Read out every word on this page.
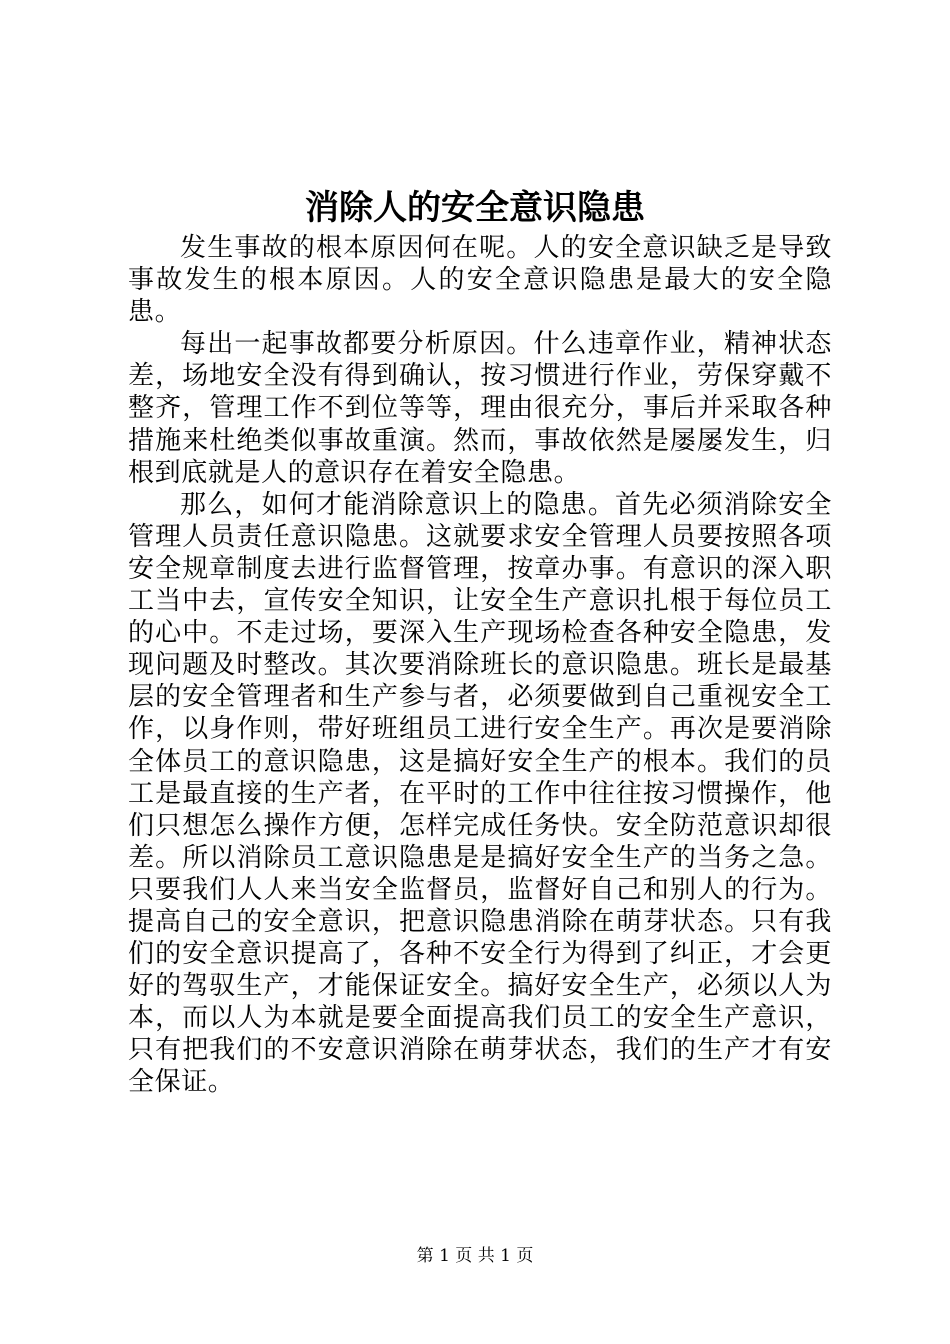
消除人的安全意识隐患

发生事故的根本原因何在呢。人的安全意识缺乏是导致事故发生的根本原因。人的安全意识隐患是最大的安全隐患。

每出一起事故都要分析原因。什么违章作业，精神状态差，场地安全没有得到确认，按习惯进行作业，劳保穿戴不整齐，管理工作不到位等等，理由很充分，事后并采取各种措施来杜绝类似事故重演。然而，事故依然是屡屡发生，归根到底就是人的意识存在着安全隐患。

那么，如何才能消除意识上的隐患。首先必须消除安全管理人员责任意识隐患。这就要求安全管理人员要按照各项安全规章制度去进行监督管理，按章办事。有意识的深入职工当中去，宣传安全知识，让安全生产意识扎根于每位员工的心中。不走过场，要深入生产现场检查各种安全隐患，发现问题及时整改。其次要消除班长的意识隐患。班长是最基层的安全管理者和生产参与者，必须要做到自己重视安全工作，以身作则，带好班组员工进行安全生产。再次是要消除全体员工的意识隐患，这是搞好安全生产的根本。我们的员工是最直接的生产者，在平时的工作中往往按习惯操作，他们只想怎么操作方便，怎样完成任务快。安全防范意识却很差。所以消除员工意识隐患是是搞好安全生产的当务之急。只要我们人人来当安全监督员，监督好自己和别人的行为。提高自己的安全意识，把意识隐患消除在萌芽状态。只有我们的安全意识提高了，各种不安全行为得到了纠正，才会更好的驾驭生产，才能保证安全。搞好安全生产，必须以人为本，而以人为本就是要全面提高我们员工的安全生产意识，只有把我们的不安意识消除在萌芽状态，我们的生产才有安全保证。

第 1 页 共 1 页
